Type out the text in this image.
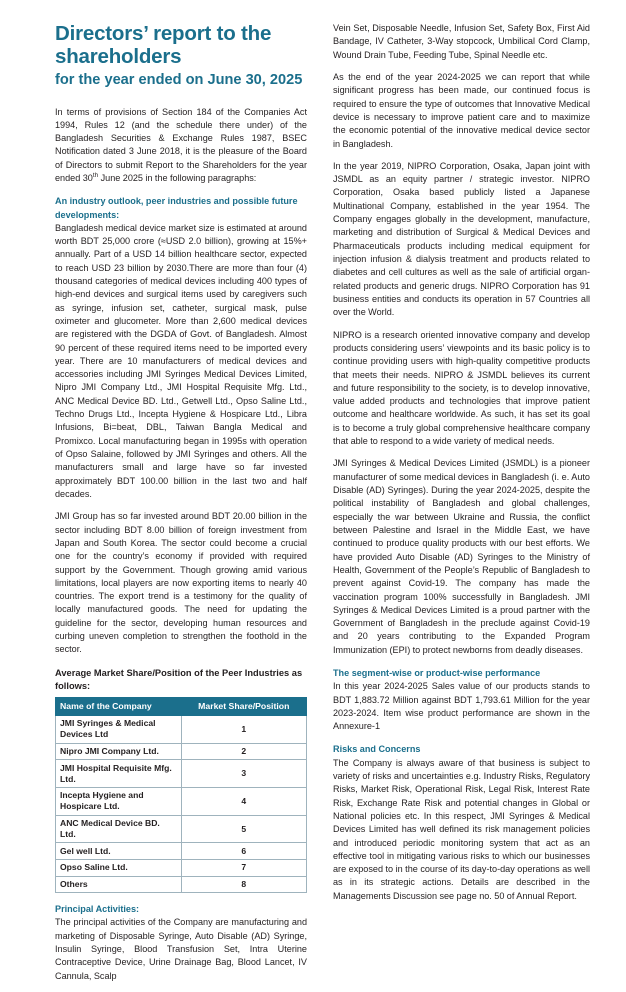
Directors’ report to the
shareholders
for the year ended on June 30, 2025

In terms of provisions of Section 184 of the Companies Act 1994, Rules 12 (and the schedule there under) of the Bangladesh Securities & Exchange Rules 1987, BSEC Notification dated 3 June 2018, it is the pleasure of the Board of Directors to submit Report to the Shareholders for the year ended 30th June 2025 in the following paragraphs:

An industry outlook, peer industries and possible future
developments:

Bangladesh medical device market size is estimated at around worth BDT 25,000 crore (≈USD 2.0 billion), growing at 15%+ annually. Part of a USD 14 billion healthcare sector, expected to reach USD 23 billion by 2030.There are more than four (4) thousand categories of medical devices including 400 types of high-end devices and surgical items used by caregivers such as syringe, infusion set, catheter, surgical mask, pulse oximeter and glucometer. More than 2,600 medical devices are registered with the DGDA of Govt. of Bangladesh. Almost 90 percent of these required items need to be imported every year. There are 10 manufacturers of medical devices and accessories including JMI Syringes Medical Devices Limited, Nipro JMI Company Ltd., JMI Hospital Requisite Mfg. Ltd., ANC Medical Device BD. Ltd., Getwell Ltd., Opso Saline Ltd., Techno Drugs Ltd., Incepta Hygiene & Hospicare Ltd., Libra Infusions, Bi=beat, DBL, Taiwan Bangla Medical and Promixco. Local manufacturing began in 1995s with operation of Opso Salaine, followed by JMI Syringes and others. All the manufacturers small and large have so far invested approximately BDT 100.00 billion in the last two and half decades.

JMI Group has so far invested around BDT 20.00 billion in the sector including BDT 8.00 billion of foreign investment from Japan and South Korea. The sector could become a crucial one for the country’s economy if provided with required support by the Government. Though growing amid various limitations, local players are now exporting items to nearly 40 countries. The export trend is a testimony for the quality of locally manufactured goods. The need for updating the guideline for the sector, developing human resources and curbing uneven completion to strengthen the foothold in the sector.

Average Market Share/Position of the Peer Industries as follows:
Name of the Company	Market Share/Position
JMI Syringes & Medical Devices Ltd	1
Nipro JMI Company Ltd.	2
JMI Hospital Requisite Mfg. Ltd.	3
Incepta Hygiene and Hospicare Ltd.	4
ANC Medical Device BD. Ltd.	5
Gel well Ltd.	6
Opso Saline Ltd.	7
Others	8
Principal Activities:

The principal activities of the Company are manufacturing and marketing of Disposable Syringe, Auto Disable (AD) Syringe, Insulin Syringe, Blood Transfusion Set, Intra Uterine Contraceptive Device, Urine Drainage Bag, Blood Lancet, IV Cannula, Scalp

Vein Set, Disposable Needle, Infusion Set, Safety Box, First Aid Bandage, IV Catheter, 3-Way stopcock, Umbilical Cord Clamp, Wound Drain Tube, Feeding Tube, Spinal Needle etc.

As the end of the year 2024-2025 we can report that while significant progress has been made, our continued focus is required to ensure the type of outcomes that Innovative Medical device is necessary to improve patient care and to maximize the economic potential of the innovative medical device sector in Bangladesh.

In the year 2019, NIPRO Corporation, Osaka, Japan joint with JSMDL as an equity partner / strategic investor. NIPRO Corporation, Osaka based publicly listed a Japanese Multinational Company, established in the year 1954. The Company engages globally in the development, manufacture, marketing and distribution of Surgical & Medical Devices and Pharmaceuticals products including medical equipment for injection infusion & dialysis treatment and products related to diabetes and cell cultures as well as the sale of artificial organ-related products and generic drugs. NIPRO Corporation has 91 business entities and conducts its operation in 57 Countries all over the World.

NIPRO is a research oriented innovative company and develop products considering users’ viewpoints and its basic policy is to continue providing users with high-quality competitive products that meets their needs. NIPRO & JSMDL believes its current and future responsibility to the society, is to develop innovative, value added products and technologies that improve patient outcome and healthcare worldwide. As such, it has set its goal is to become a truly global comprehensive healthcare company that able to respond to a wide variety of medical needs.

JMI Syringes & Medical Devices Limited (JSMDL) is a pioneer manufacturer of some medical devices in Bangladesh (i. e. Auto Disable (AD) Syringes). During the year 2024-2025, despite the political instability of Bangladesh and global challenges, especially the war between Ukraine and Russia, the conflict between Palestine and Israel in the Middle East, we have continued to produce quality products with our best efforts. We have provided Auto Disable (AD) Syringes to the Ministry of Health, Government of the People’s Republic of Bangladesh to prevent against Covid-19. The company has made the vaccination program 100% successfully in Bangladesh. JMI Syringes & Medical Devices Limited is a proud partner with the Government of Bangladesh in the preclude against Covid-19 and 20 years contributing to the Expanded Program Immunization (EPI) to protect newborns from deadly diseases.

The segment-wise or product-wise performance

In this year 2024-2025 Sales value of our products stands to BDT 1,883.72 Million against BDT 1,793.61 Million for the year 2023-2024. Item wise product performance are shown in the Annexure-1

Risks and Concerns

The Company is always aware of that business is subject to variety of risks and uncertainties e.g. Industry Risks, Regulatory Risks, Market Risk, Operational Risk, Legal Risk, Interest Rate Risk, Exchange Rate Risk and potential changes in Global or National policies etc. In this respect, JMI Syringes & Medical Devices Limited has well defined its risk management policies and introduced periodic monitoring system that act as an effective tool in mitigating various risks to which our businesses are exposed to in the course of its day-to-day operations as well as in its strategic actions. Details are described in the Managements Discussion see page no. 50 of Annual Report.
